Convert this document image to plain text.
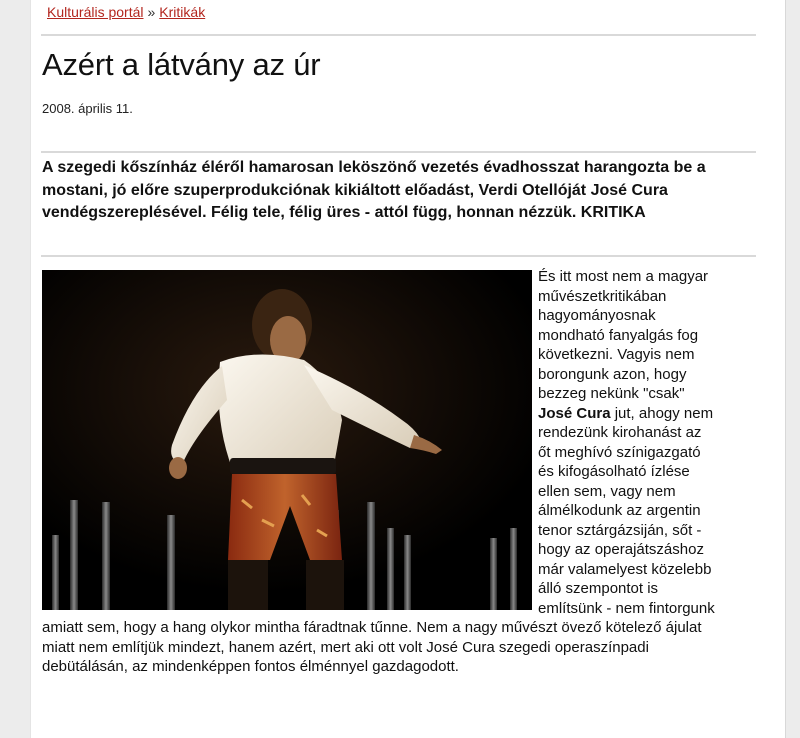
Kulturális portál » Kritikák
Azért a látvány az úr
2008. április 11.

A szegedi kőszínház éléről hamarosan leköszönő vezetés évadhosszat harangozta be a mostani, jó előre szuperprodukciónak kikiáltott előadást, Verdi Otellóját José Cura vendégszereplésével. Félig tele, félig üres - attól függ, honnan nézzük. KRITIKA

És itt most nem a magyar művészetkritikában hagyományosnak mondható fanyalgás fog következni. Vagyis nem borongunk azon, hogy bezzeg nekünk "csak" José Cura jut, ahogy nem rendezünk kirohanást az őt meghívó színigazgató és kifogásolható ízlése ellen sem, vagy nem álmélkodunk az argentin tenor sztárgázsiján, sőt - hogy az operajátszáshoz már valamelyest közelebb álló szempontot is említsünk - nem fintorgunk amiatt sem, hogy a hang olykor mintha fáradtnak tűnne. Nem a nagy művészt övező kötelező ájulat miatt nem említjük mindezt, hanem azért, mert aki ott volt José Cura szegedi operaszínpadi debütálásán, az mindenképpen fontos élménnyel gazdagodott.
